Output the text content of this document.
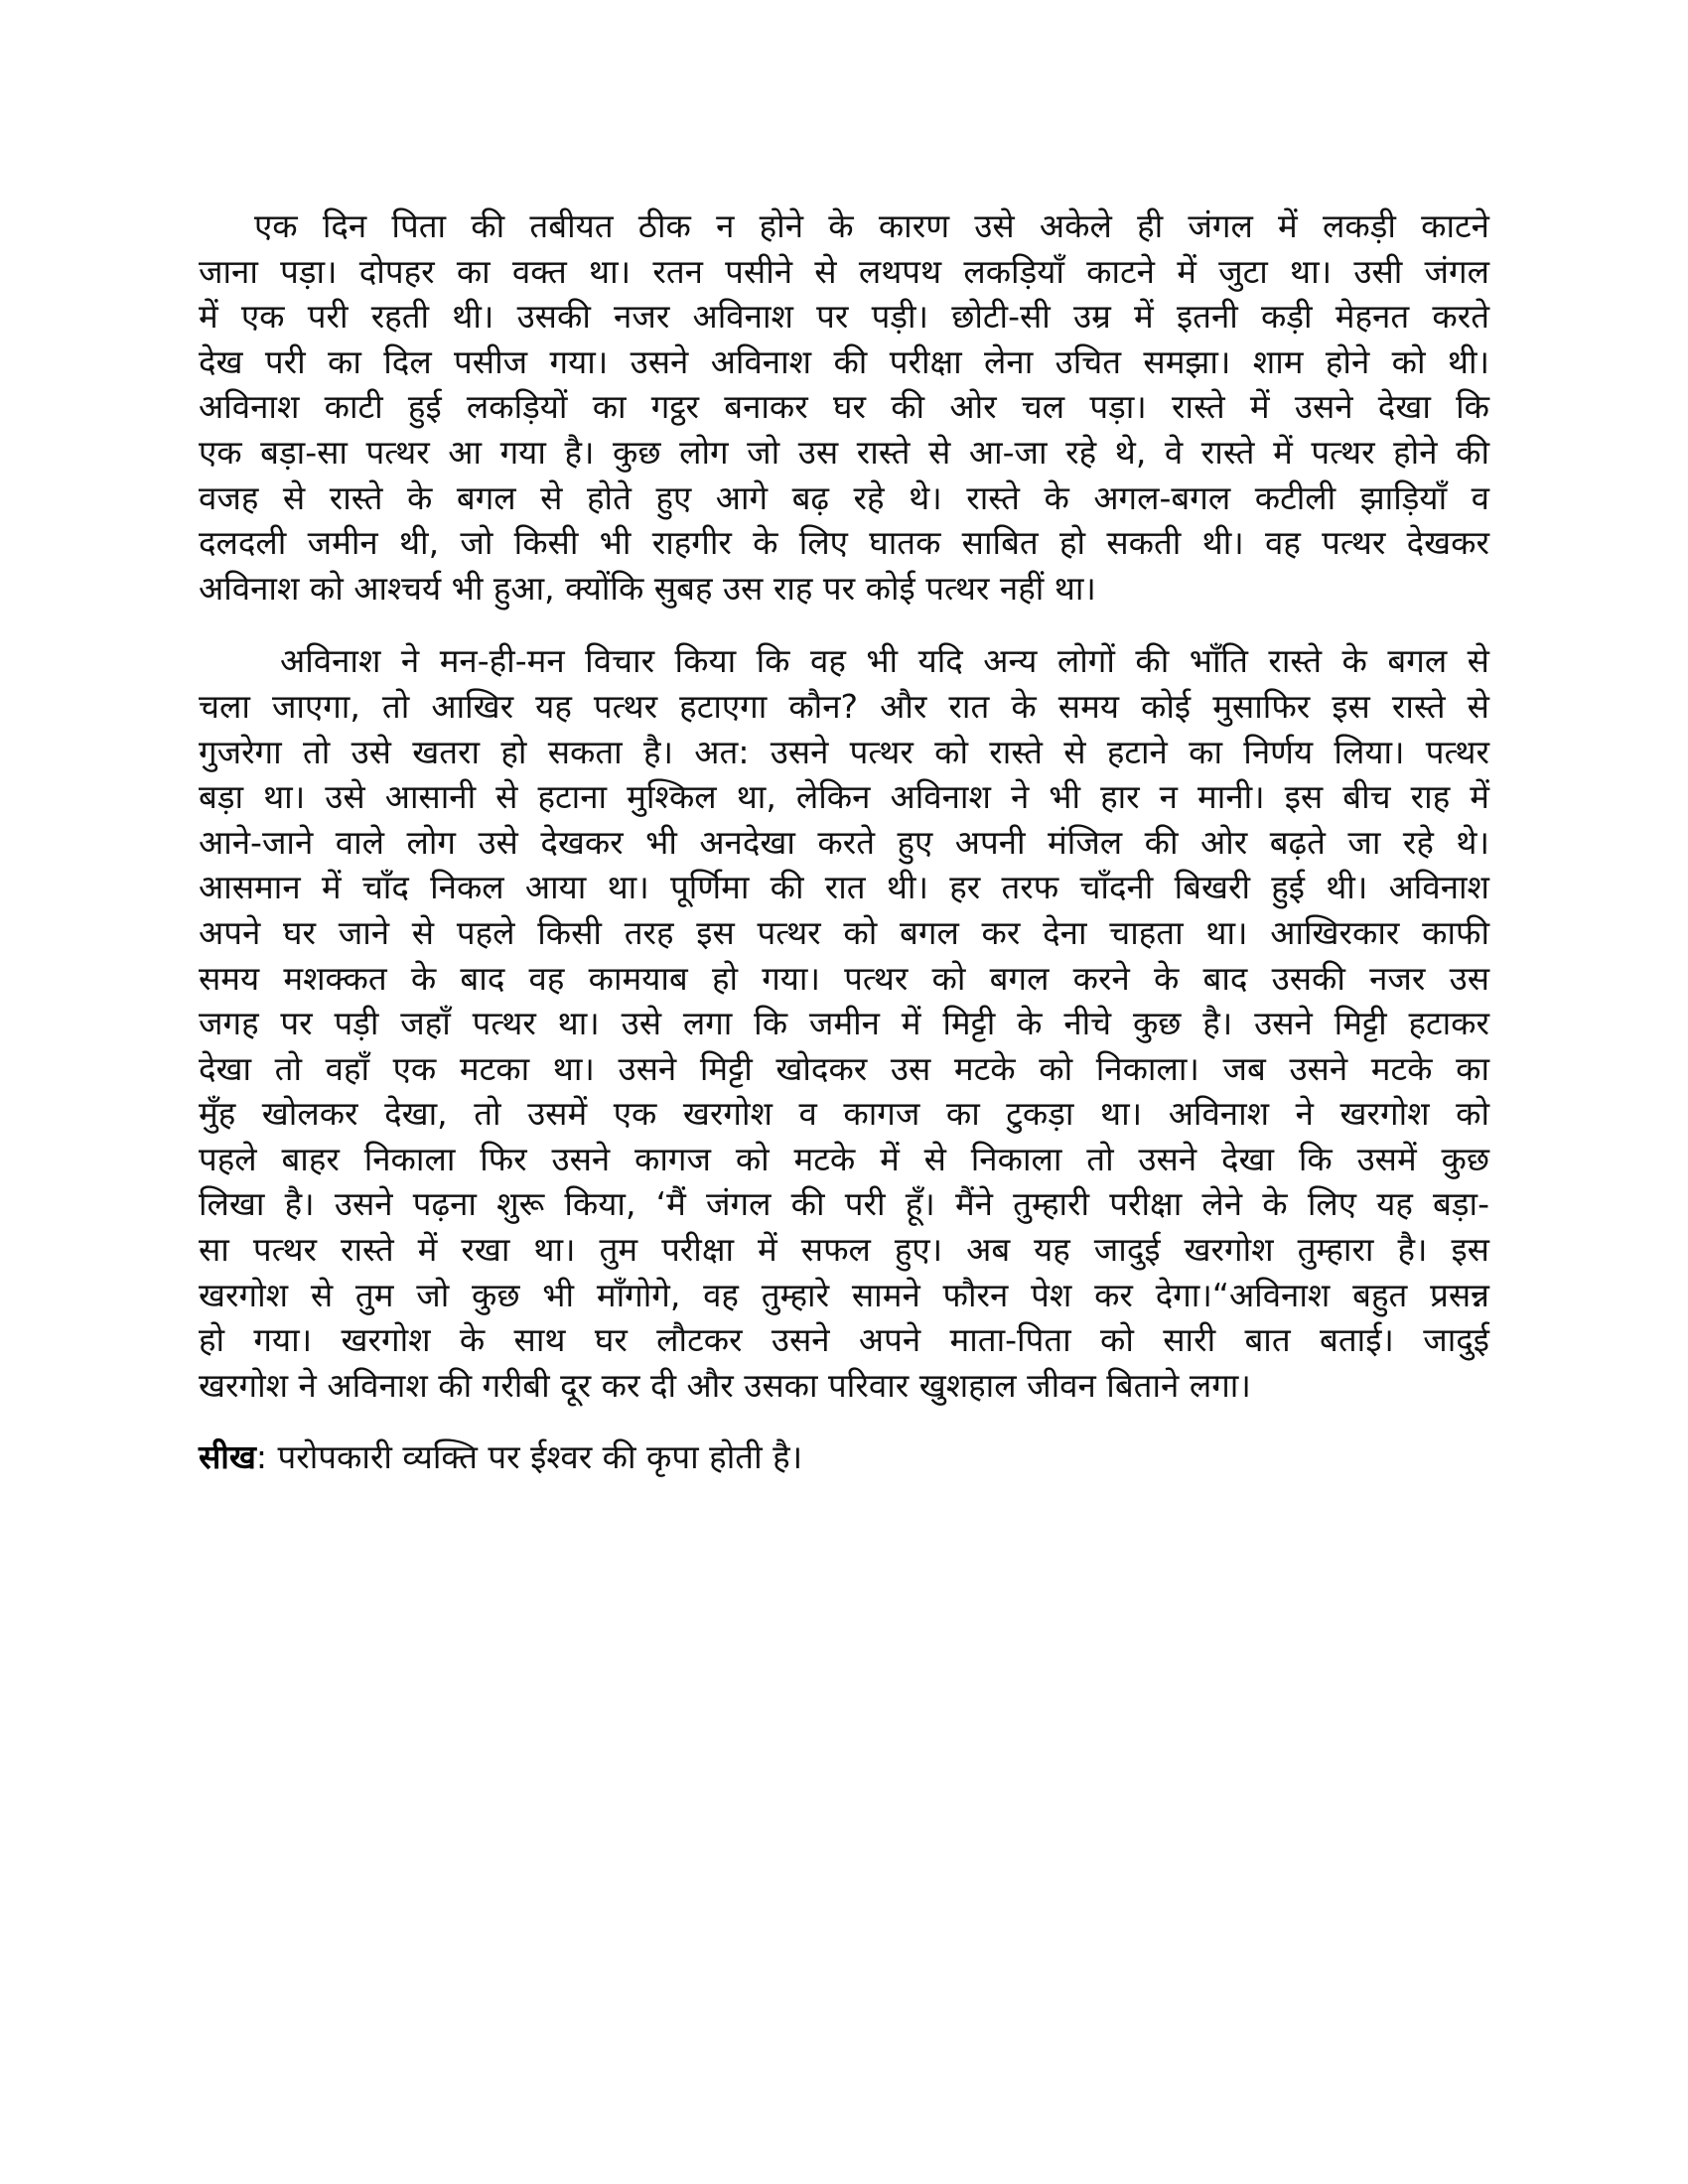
एक दिन पिता की तबीयत ठीक न होने के कारण उसे अकेले ही जंगल में लकड़ी काटने
जाना पड़ा। दोपहर का वक्त था। रतन पसीने से लथपथ लकड़ियाँ काटने में जुटा था। उसी जंगल
में एक परी रहती थी। उसकी नजर अविनाश पर पड़ी। छोटी-सी उम्र में इतनी कड़ी मेहनत करते
देख परी का दिल पसीज गया। उसने अविनाश की परीक्षा लेना उचित समझा। शाम होने को थी।
अविनाश काटी हुई लकड़ियों का गट्ठर बनाकर घर की ओर चल पड़ा। रास्ते में उसने देखा कि
एक बड़ा-सा पत्थर आ गया है। कुछ लोग जो उस रास्ते से आ-जा रहे थे, वे रास्ते में पत्थर होने की
वजह से रास्ते के बगल से होते हुए आगे बढ़ रहे थे। रास्ते के अगल-बगल कटीली झाड़ियाँ व
दलदली जमीन थी, जो किसी भी राहगीर के लिए घातक साबित हो सकती थी। वह पत्थर देखकर
अविनाश को आश्चर्य भी हुआ, क्योंकि सुबह उस राह पर कोई पत्थर नहीं था।
अविनाश ने मन-ही-मन विचार किया कि वह भी यदि अन्य लोगों की भाँति रास्ते के बगल से
चला जाएगा, तो आखिर यह पत्थर हटाएगा कौन? और रात के समय कोई मुसाफिर इस रास्ते से
गुजरेगा तो उसे खतरा हो सकता है। अत: उसने पत्थर को रास्ते से हटाने का निर्णय लिया। पत्थर
बड़ा था। उसे आसानी से हटाना मुश्किल था, लेकिन अविनाश ने भी हार न मानी। इस बीच राह में
आने-जाने वाले लोग उसे देखकर भी अनदेखा करते हुए अपनी मंजिल की ओर बढ़ते जा रहे थे।
आसमान में चाँद निकल आया था। पूर्णिमा की रात थी। हर तरफ चाँदनी बिखरी हुई थी। अविनाश
अपने घर जाने से पहले किसी तरह इस पत्थर को बगल कर देना चाहता था। आखिरकार काफी
समय मशक्कत के बाद वह कामयाब हो गया। पत्थर को बगल करने के बाद उसकी नजर उस
जगह पर पड़ी जहाँ पत्थर था। उसे लगा कि जमीन में मिट्टी के नीचे कुछ है। उसने मिट्टी हटाकर
देखा तो वहाँ एक मटका था। उसने मिट्टी खोदकर उस मटके को निकाला। जब उसने मटके का
मुँह खोलकर देखा, तो उसमें एक खरगोश व कागज का टुकड़ा था। अविनाश ने खरगोश को
पहले बाहर निकाला फिर उसने कागज को मटके में से निकाला तो उसने देखा कि उसमें कुछ
लिखा है। उसने पढ़ना शुरू किया, ‘मैं जंगल की परी हूँ। मैंने तुम्हारी परीक्षा लेने के लिए यह बड़ा-
सा पत्थर रास्ते में रखा था। तुम परीक्षा में सफल हुए। अब यह जादुई खरगोश तुम्हारा है। इस
खरगोश से तुम जो कुछ भी माँगोगे, वह तुम्हारे सामने फौरन पेश कर देगा।“अविनाश बहुत प्रसन्न
हो गया। खरगोश के साथ घर लौटकर उसने अपने माता-पिता को सारी बात बताई। जादुई
खरगोश ने अविनाश की गरीबी दूर कर दी और उसका परिवार खुशहाल जीवन बिताने लगा।
सीख: परोपकारी व्यक्ति पर ईश्वर की कृपा होती है।
